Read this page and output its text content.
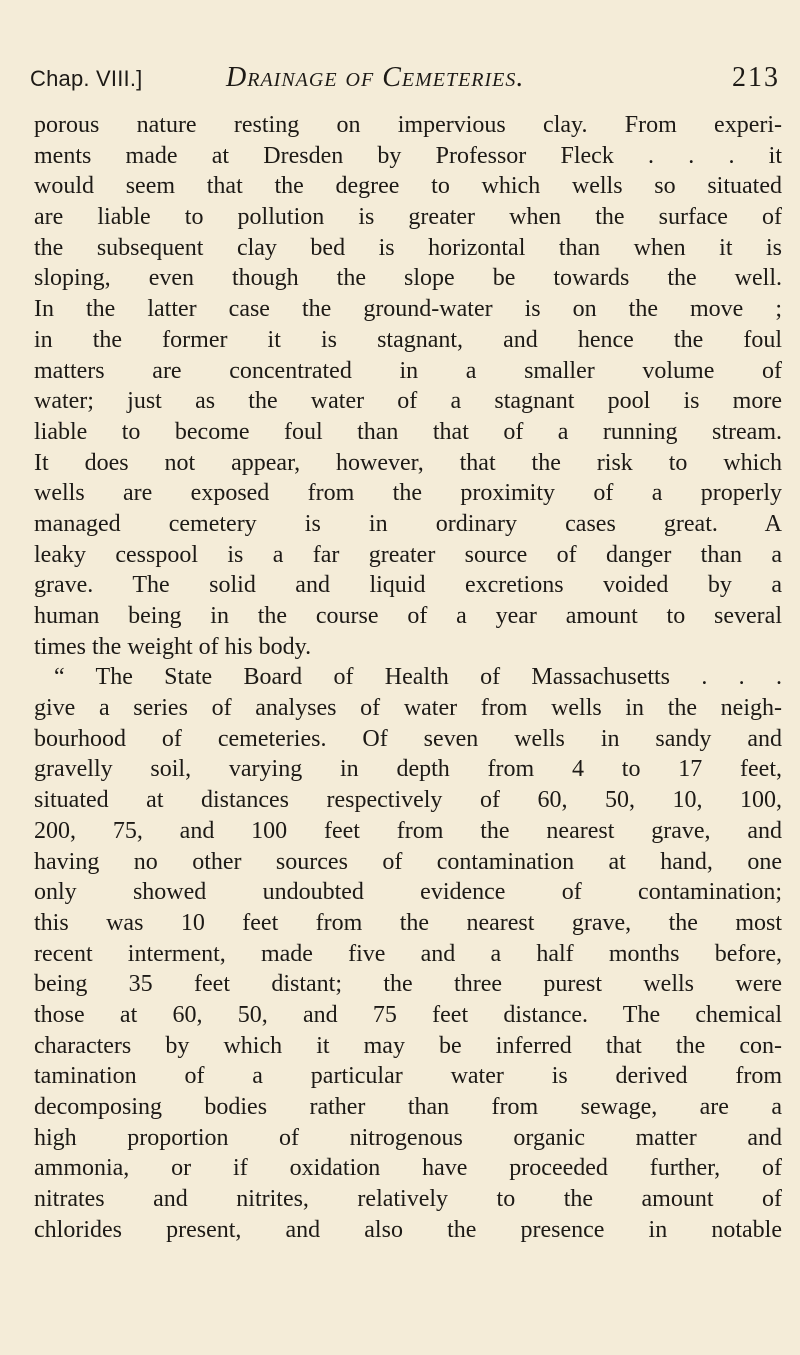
Chap. VIII.]	Drainage of Cemeteries.	213
porous nature resting on impervious clay. From experi-
ments made at Dresden by Professor Fleck . . . it
would seem that the degree to which wells so situated
are liable to pollution is greater when the surface of
the subsequent clay bed is horizontal than when it is
sloping, even though the slope be towards the well.
In the latter case the ground-water is on the move ;
in the former it is stagnant, and hence the foul
matters are concentrated in a smaller volume of
water; just as the water of a stagnant pool is more
liable to become foul than that of a running stream.
It does not appear, however, that the risk to which
wells are exposed from the proximity of a properly
managed cemetery is in ordinary cases great. A
leaky cesspool is a far greater source of danger than a
grave. The solid and liquid excretions voided by a
human being in the course of a year amount to several
times the weight of his body.
“ The State Board of Health of Massachusetts . . .
give a series of analyses of water from wells in the neigh-
bourhood of cemeteries. Of seven wells in sandy and
gravelly soil, varying in depth from 4 to 17 feet,
situated at distances respectively of 60, 50, 10, 100,
200, 75, and 100 feet from the nearest grave, and
having no other sources of contamination at hand, one
only showed undoubted evidence of contamination;
this was 10 feet from the nearest grave, the most
recent interment, made five and a half months before,
being 35 feet distant; the three purest wells were
those at 60, 50, and 75 feet distance. The chemical
characters by which it may be inferred that the con-
tamination of a particular water is derived from
decomposing bodies rather than from sewage, are a
high proportion of nitrogenous organic matter and
ammonia, or if oxidation have proceeded further, of
nitrates and nitrites, relatively to the amount of
chlorides present, and also the presence in notable
